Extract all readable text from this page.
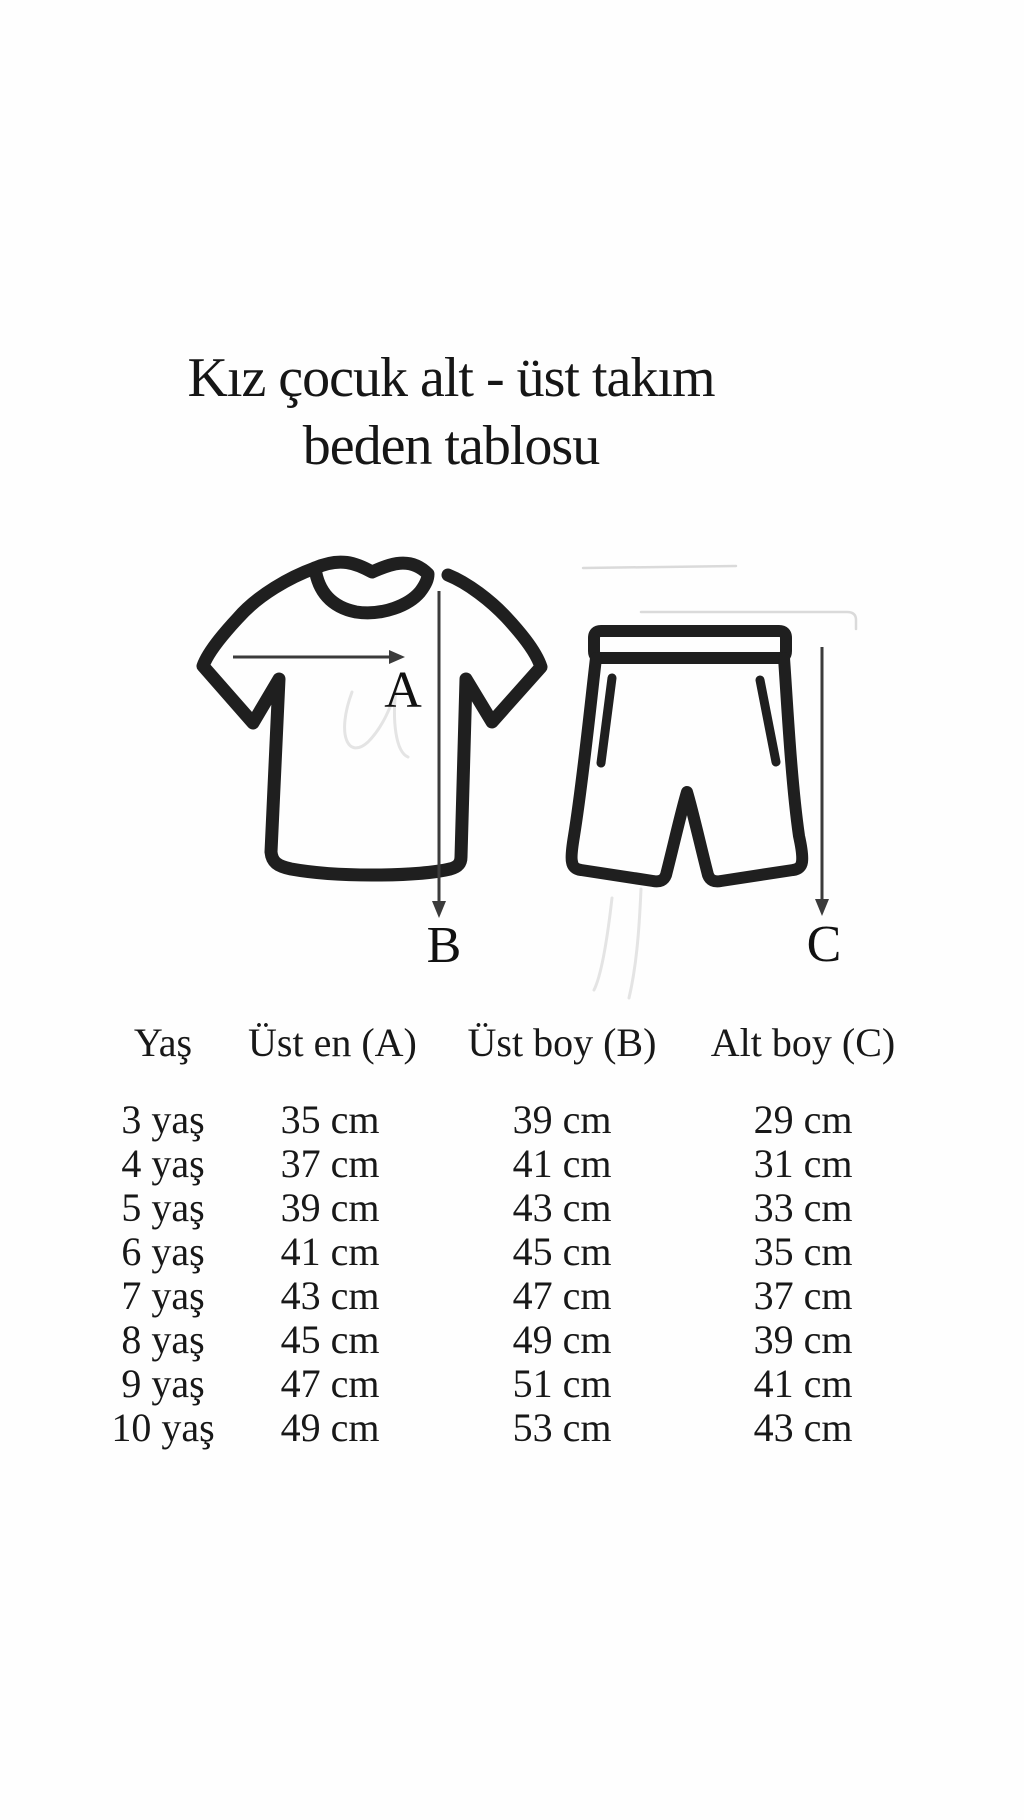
Kız çocuk alt - üst takım
beden tablosu
A
B	C
Yaş
3 yaş
4 yaş
5 yaş
6 yaş
7 yaş
8 yaş
9 yaş
10 yaş
Üst en (A)
35 cm
37 cm
39 cm
41 cm
43 cm
45 cm
47 cm
49 cm
Üst boy (B)
39 cm
41 cm
43 cm
45 cm
47 cm
49 cm
51 cm
53 cm
Alt boy (C)
29 cm
31 cm
33 cm
35 cm
37 cm
39 cm
41 cm
43 cm
